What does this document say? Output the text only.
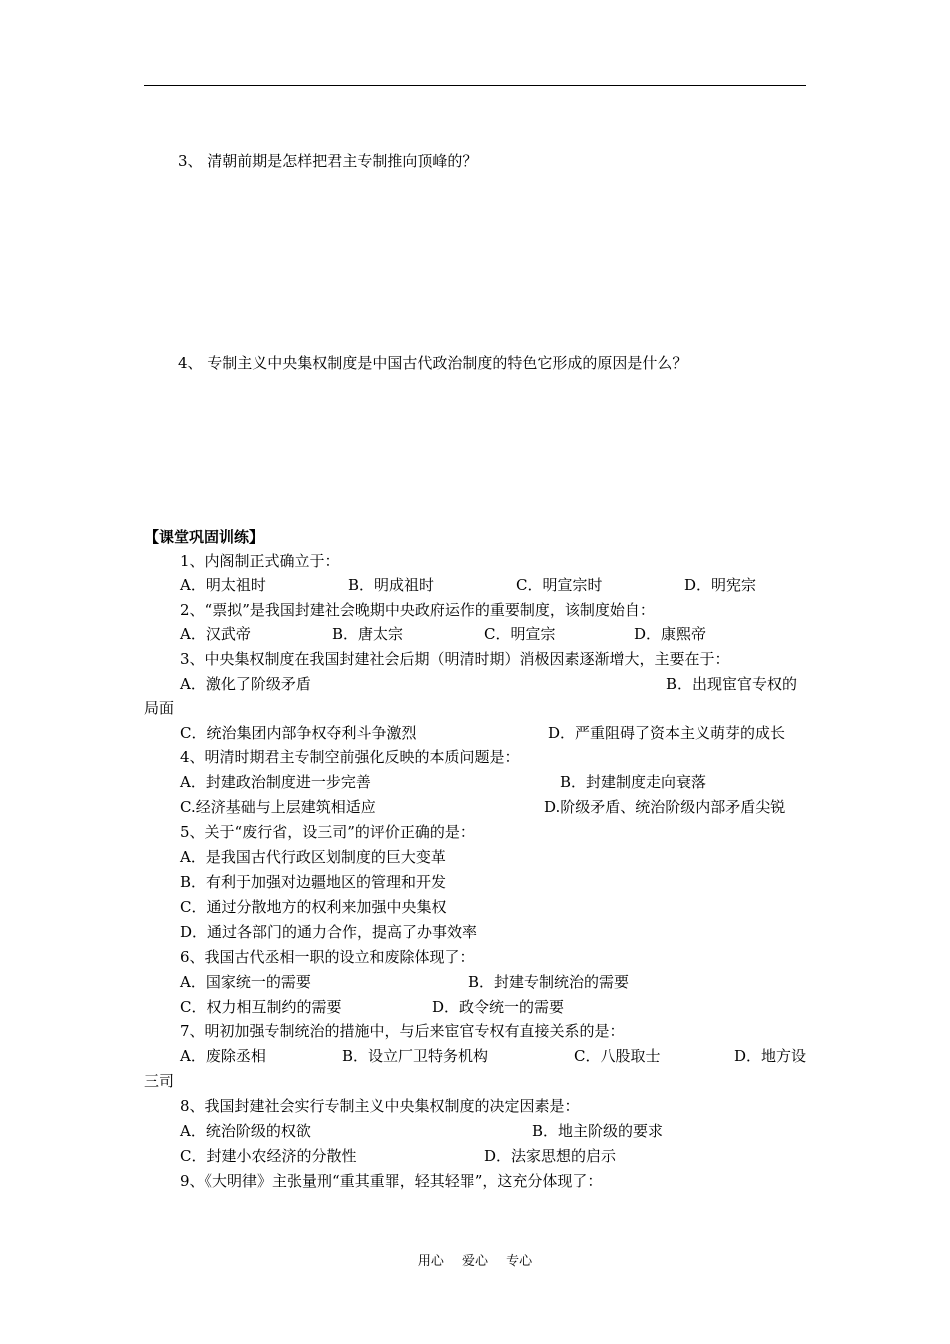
3、 清朝前期是怎样把君主专制推向顶峰的？
4、 专制主义中央集权制度是中国古代政治制度的特色它形成的原因是什么？
【课堂巩固训练】
1、内阁制正式确立于：
A．明太祖时	B．明成祖时	C．明宣宗时	D．明宪宗
2、“票拟”是我国封建社会晚期中央政府运作的重要制度，该制度始自：
A．汉武帝	B．唐太宗	C．明宣宗	D．康熙帝
3、中央集权制度在我国封建社会后期（明清时期）消极因素逐渐增大，主要在于：
A．激化了阶级矛盾	B．出现宦官专权的
局面
C．统治集团内部争权夺利斗争激烈	D．严重阻碍了资本主义萌芽的成长
4、明清时期君主专制空前强化反映的本质问题是：
A．封建政治制度进一步完善	B．封建制度走向衰落
C.经济基础与上层建筑相适应	D.阶级矛盾、统治阶级内部矛盾尖锐
5、关于“废行省，设三司”的评价正确的是：
A．是我国古代行政区划制度的巨大变革
B．有利于加强对边疆地区的管理和开发
C．通过分散地方的权利来加强中央集权
D．通过各部门的通力合作，提高了办事效率
6、我国古代丞相一职的设立和废除体现了：
A．国家统一的需要	B．封建专制统治的需要
C．权力相互制约的需要	D．政令统一的需要
7、明初加强专制统治的措施中，与后来宦官专权有直接关系的是：
A．废除丞相	B．设立厂卫特务机构	C．八股取士	D．地方设
三司
8、我国封建社会实行专制主义中央集权制度的决定因素是：
A．统治阶级的权欲	B．地主阶级的要求
C．封建小农经济的分散性	D．法家思想的启示
9、《大明律》主张量刑“重其重罪，轻其轻罪”，这充分体现了：
用心 爱心 专心
